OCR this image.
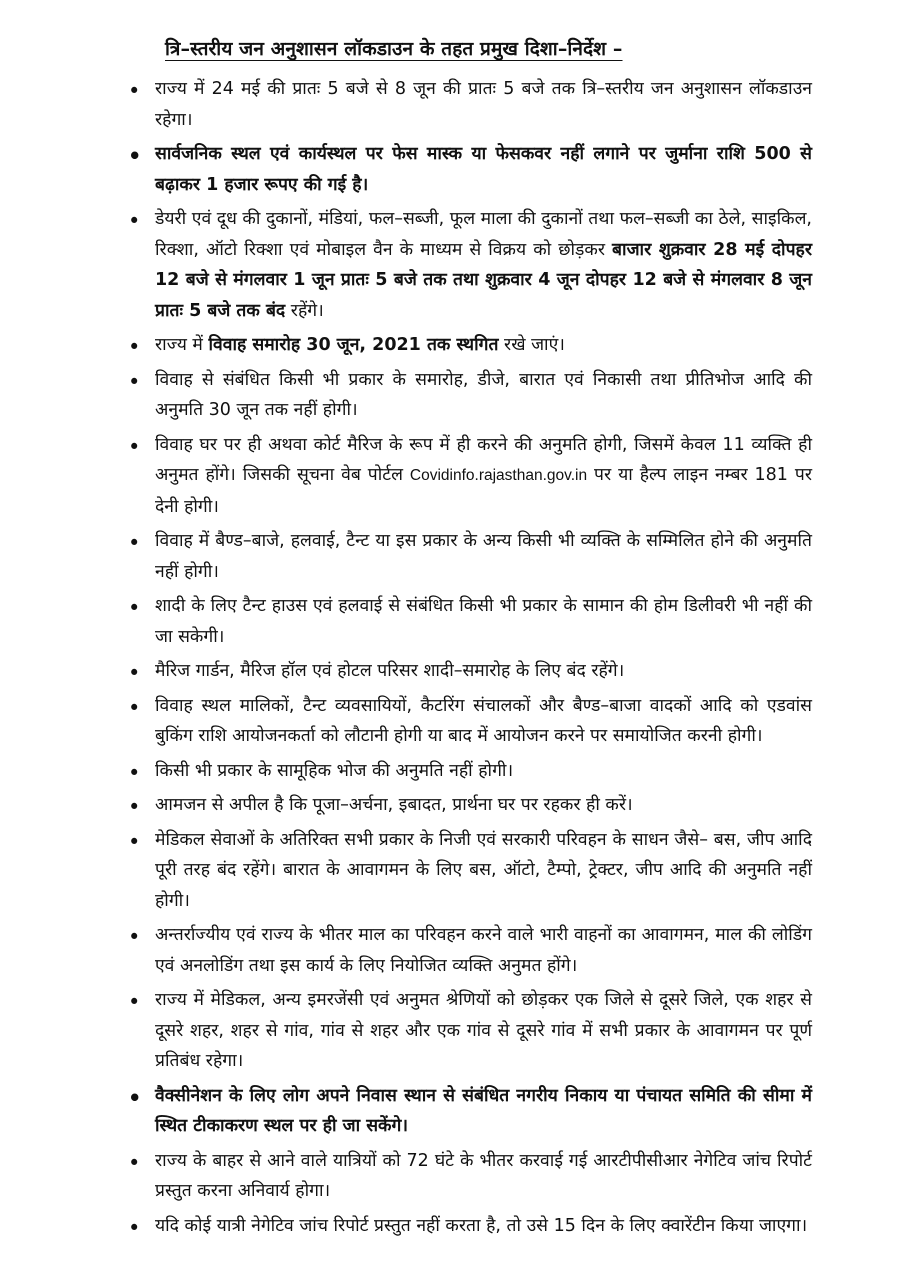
त्रि–स्तरीय जन अनुशासन लॉकडाउन के तहत प्रमुख दिशा–निर्देश –
• राज्य में 24 मई की प्रातः 5 बजे से 8 जून की प्रातः 5 बजे तक त्रि–स्तरीय जन अनुशासन लॉकडाउन रहेगा।
• सार्वजनिक स्थल एवं कार्यस्थल पर फेस मास्क या फेसकवर नहीं लगाने पर जुर्माना राशि 500 से बढ़ाकर 1 हजार रूपए की गई है।
• डेयरी एवं दूध की दुकानों, मंडियां, फल–सब्जी, फूल माला की दुकानों तथा फल–सब्जी का ठेले, साइकिल, रिक्शा, ऑटो रिक्शा एवं मोबाइल वैन के माध्यम से विक्रय को छोड़कर बाजार शुक्रवार 28 मई दोपहर 12 बजे से मंगलवार 1 जून प्रातः 5 बजे तक तथा शुक्रवार 4 जून दोपहर 12 बजे से मंगलवार 8 जून प्रातः 5 बजे तक बंद रहेंगे।
• राज्य में विवाह समारोह 30 जून, 2021 तक स्थगित रखे जाएं।
• विवाह से संबंधित किसी भी प्रकार के समारोह, डीजे, बारात एवं निकासी तथा प्रीतिभोज आदि की अनुमति 30 जून तक नहीं होगी।
• विवाह घर पर ही अथवा कोर्ट मैरिज के रूप में ही करने की अनुमति होगी, जिसमें केवल 11 व्यक्ति ही अनुमत होंगे। जिसकी सूचना वेब पोर्टल Covidinfo.rajasthan.gov.in पर या हैल्प लाइन नम्बर 181 पर देनी होगी।
• विवाह में बैण्ड–बाजे, हलवाई, टैन्ट या इस प्रकार के अन्य किसी भी व्यक्ति के सम्मिलित होने की अनुमति नहीं होगी।
• शादी के लिए टैन्ट हाउस एवं हलवाई से संबंधित किसी भी प्रकार के सामान की होम डिलीवरी भी नहीं की जा सकेगी।
• मैरिज गार्डन, मैरिज हॉल एवं होटल परिसर शादी–समारोह के लिए बंद रहेंगे।
• विवाह स्थल मालिकों, टैन्ट व्यवसायियों, कैटरिंग संचालकों और बैण्ड–बाजा वादकों आदि को एडवांस बुकिंग राशि आयोजनकर्ता को लौटानी होगी या बाद में आयोजन करने पर समायोजित करनी होगी।
• किसी भी प्रकार के सामूहिक भोज की अनुमति नहीं होगी।
• आमजन से अपील है कि पूजा–अर्चना, इबादत, प्रार्थना घर पर रहकर ही करें।
• मेडिकल सेवाओं के अतिरिक्त सभी प्रकार के निजी एवं सरकारी परिवहन के साधन जैसे– बस, जीप आदि पूरी तरह बंद रहेंगे। बारात के आवागमन के लिए बस, ऑटो, टैम्पो, ट्रेक्टर, जीप आदि की अनुमति नहीं होगी।
• अन्तर्राज्यीय एवं राज्य के भीतर माल का परिवहन करने वाले भारी वाहनों का आवागमन, माल की लोडिंग एवं अनलोडिंग तथा इस कार्य के लिए नियोजित व्यक्ति अनुमत होंगे।
• राज्य में मेडिकल, अन्य इमरजेंसी एवं अनुमत श्रेणियों को छोड़कर एक जिले से दूसरे जिले, एक शहर से दूसरे शहर, शहर से गांव, गांव से शहर और एक गांव से दूसरे गांव में सभी प्रकार के आवागमन पर पूर्ण प्रतिबंध रहेगा।
• वैक्सीनेशन के लिए लोग अपने निवास स्थान से संबंधित नगरीय निकाय या पंचायत समिति की सीमा में स्थित टीकाकरण स्थल पर ही जा सकेंगे।
• राज्य के बाहर से आने वाले यात्रियों को 72 घंटे के भीतर करवाई गई आरटीपीसीआर नेगेटिव जांच रिपोर्ट प्रस्तुत करना अनिवार्य होगा।
• यदि कोई यात्री नेगेटिव जांच रिपोर्ट प्रस्तुत नहीं करता है, तो उसे 15 दिन के लिए क्वारेंटीन किया जाएगा।
